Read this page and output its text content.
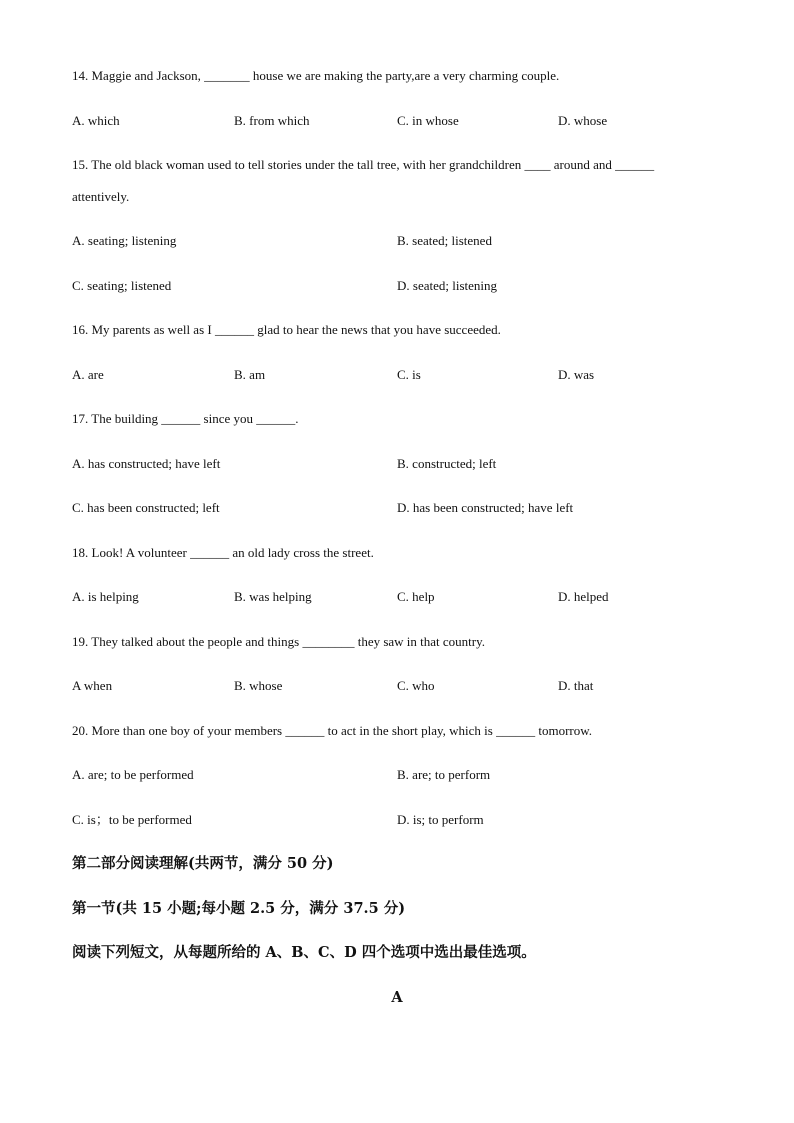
14. Maggie and Jackson, _______ house we are making the party,are a very charming couple.
A. which	B. from which	C. in whose	D. whose
15. The old black woman used to tell stories under the tall tree, with her grandchildren ____ around and ______
attentively.
A. seating; listening	B. seated; listened
C. seating; listened	D. seated; listening
16. My parents as well as I ______ glad to hear the news that you have succeeded.
A. are	B. am	C. is	D. was
17. The building ______ since you ______.
A. has constructed; have left	B. constructed; left
C. has been constructed; left	D. has been constructed; have left
18. Look! A volunteer ______ an old lady cross the street.
A. is helping	B. was helping	C. help	D. helped
19. They talked about the people and things ________ they saw in that country.
A when	B. whose	C. who	D. that
20. More than one boy of your members ______ to act in the short play, which is ______ tomorrow.
A. are; to be performed	B. are; to perform
C. is；to be performed	D. is; to perform
第二部分阅读理解(共两节，满分 50 分)
第一节(共 15 小题;每小题 2.5 分，满分 37.5 分)
阅读下列短文，从每题所给的 A、B、C、D 四个选项中选出最佳选项。
A
